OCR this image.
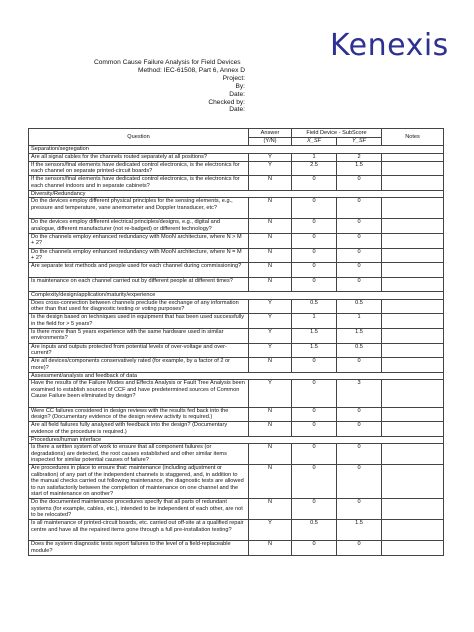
Kenexis
Common Cause Failure Analysis for Field Devices
Method: IEC-61508, Part 6, Annex D
Project:
By:
Date:
Checked by:
Date:
Question	Answer	Field Device - SubScore		Notes
	(Y/N)	X_SF	Y_SF	
Separation/segregation				
Are all signal cables for the channels routed separately at all positions?	Y	1	2	
If the sensors/final elements have dedicated control electronics, is the electronics for each channel on separate printed-circuit boards?	Y	2.5	1.5	
If the sensors/final elements have dedicated control electronics, is the electronics for each channel indoors and in separate cabinets?	N	0	0	
Diversity/Redundancy				
Do the devices employ different physical principles for the sensing elements, e.g., pressure and temperature, vane anemometer and Doppler transducer, etc?	N	0	0	
Do the devices employ different electrical principles/designs, e.g., digital and analogue, different manufacturer (not re-badged) or different technology?	N	0	0	
Do the channels employ enhanced redundancy with MooN architecture, where N > M + 2?	N	0	0	
Do the channels employ enhanced redundancy with MooN architecture, where N = M + 2?	N	0	0	
Are separate test methods and people used for each channel during commissioning?	N	0	0	
Is maintenance on each channel carried out by different people at different times?	N	0	0	
Complexity/design/application/maturity/experience				
Does cross-connection between channels preclude the exchange of any information other than that used for diagnostic testing or voting purposes?	Y	0.5	0.5	
Is the design based on techniques used in equipment that has been used successfully in the field for > 5 years?	Y	1	1	
Is there more than 5 years experience with the same hardware used in similar environments?	Y	1.5	1.5	
Are inputs and outputs protected from potential levels of over-voltage and over-current?	Y	1.5	0.5	
Are all devices/components conservatively rated (for example, by a factor of 2 or more)?	N	0	0	
Assessment/analysis and feedback of data				
Have the results of the Failure Modes and Effects Analysis or Fault Tree Analysis been examined to establish sources of CCF and have predetermined sources of Common Cause Failure been eliminated by design?	Y	0	3	
Were CC failures considered in design reviews with the results fed back into the design? (Documentary evidence of the design review activity is required.)	N	0	0	
Are all field failures fully analysed with feedback into the design? (Documentary evidence of the procedure is required.)	N	0	0	
Procedures/human interface				
Is there a written system of work to ensure that all component failures (or degradations) are detected, the root causes established and other similar items inspected for similar potential causes of failure?	N	0	0	
Are procedures in place to ensure that: maintenance (including adjustment or calibration) of any part of the independent channels is staggered, and, in addition to the manual checks carried out following maintenance, the diagnostic tests are allowed to run satisfactorily between the completion of maintenance on one channel and the start of maintenance on another?	N	0	0	
Do the documented maintenance procedures specify that all parts of redundant systems (for example, cables, etc.), intended to be independent of each other, are not to be relocated?	N	0	0	
Is all maintenance of printed-circuit boards, etc. carried out off-site at a qualified repair centre and have all the repaired items gone through a full pre-installation testing?	Y	0.5	1.5	
Does the system diagnostic tests report failures to the level of a field-replaceable module?	N	0	0	
